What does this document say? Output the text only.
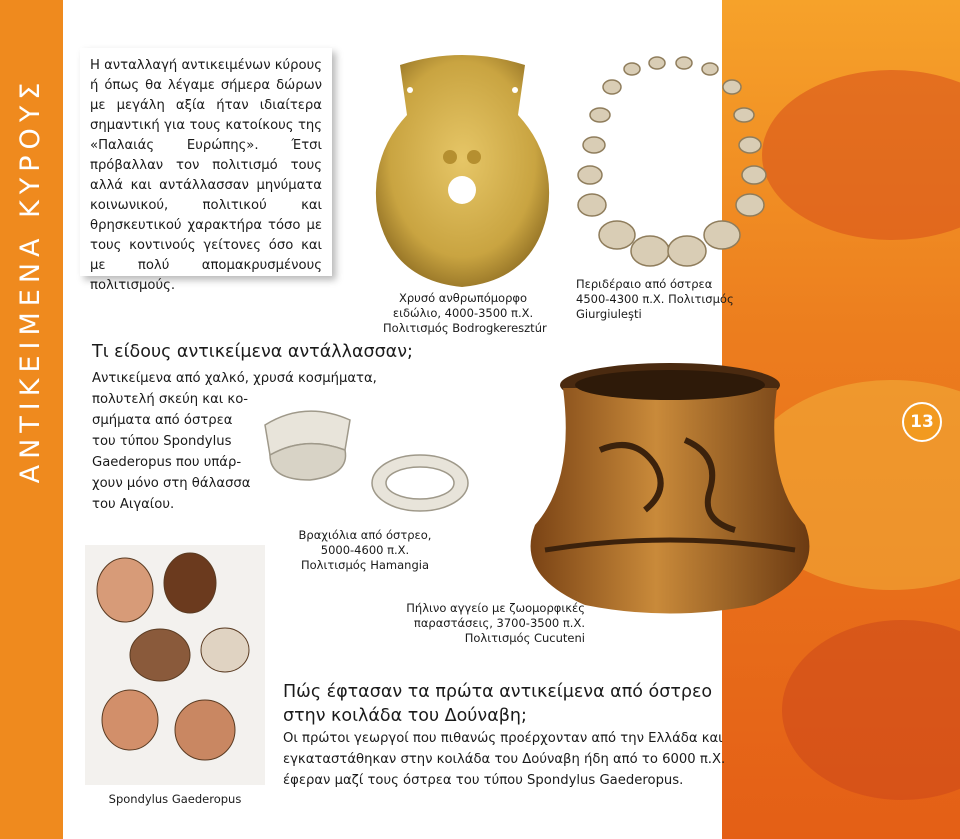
ΑΝΤΙΚΕΙΜΕΝΑ ΚΥΡΟΥΣ	13

Η ανταλλαγή αντικειμένων κύρους ή όπως θα λέγαμε σήμερα δώρων με μεγάλη αξία ήταν ιδιαίτερα σημαντική για τους κατοίκους της «Παλαιάς Ευρώπης». Έτσι πρόβαλλαν τον πολιτισμό τους αλλά και αντάλλασσαν μηνύματα κοινωνικού, πολιτικού και θρησκευτικού χαρακτήρα τόσο με τους κοντινούς γείτονες όσο και με πολύ απομακρυσμένους πολιτισμούς.

Τι είδους αντικείμενα αντάλλασσαν;
Αντικείμενα από χαλκό, χρυσά κοσμήματα,
πολυτελή σκεύη και κο-
σμήματα από όστρεα
του τύπου Spondylus
Gaederopus που υπάρ-
χουν μόνο στη θάλασσα
του Αιγαίου.
Χρυσό ανθρωπόμορφο
ειδώλιο, 4000-3500 π.Χ.
Πολιτισμός Bodrogkeresztúr
Περιδέραιο από όστρεα
4500-4300 π.Χ. Πολιτισμός
Giurgiuleşti
Βραχιόλια από όστρεο,
5000-4600 π.Χ.
Πολιτισμός Hamangia
Πήλινο αγγείο με ζωομορφικές
παραστάσεις, 3700-3500 π.Χ.
Πολιτισμός Cucuteni
Spondylus Gaederopus
Πώς έφτασαν τα πρώτα αντικείμενα από όστρεο
στην κοιλάδα του Δούναβη;
Οι πρώτοι γεωργοί που πιθανώς προέρχονταν από την Ελλάδα και
εγκαταστάθηκαν στην κοιλάδα του Δούναβη ήδη από το 6000 π.Χ.
έφεραν μαζί τους όστρεα του τύπου Spondylus Gaederopus.
